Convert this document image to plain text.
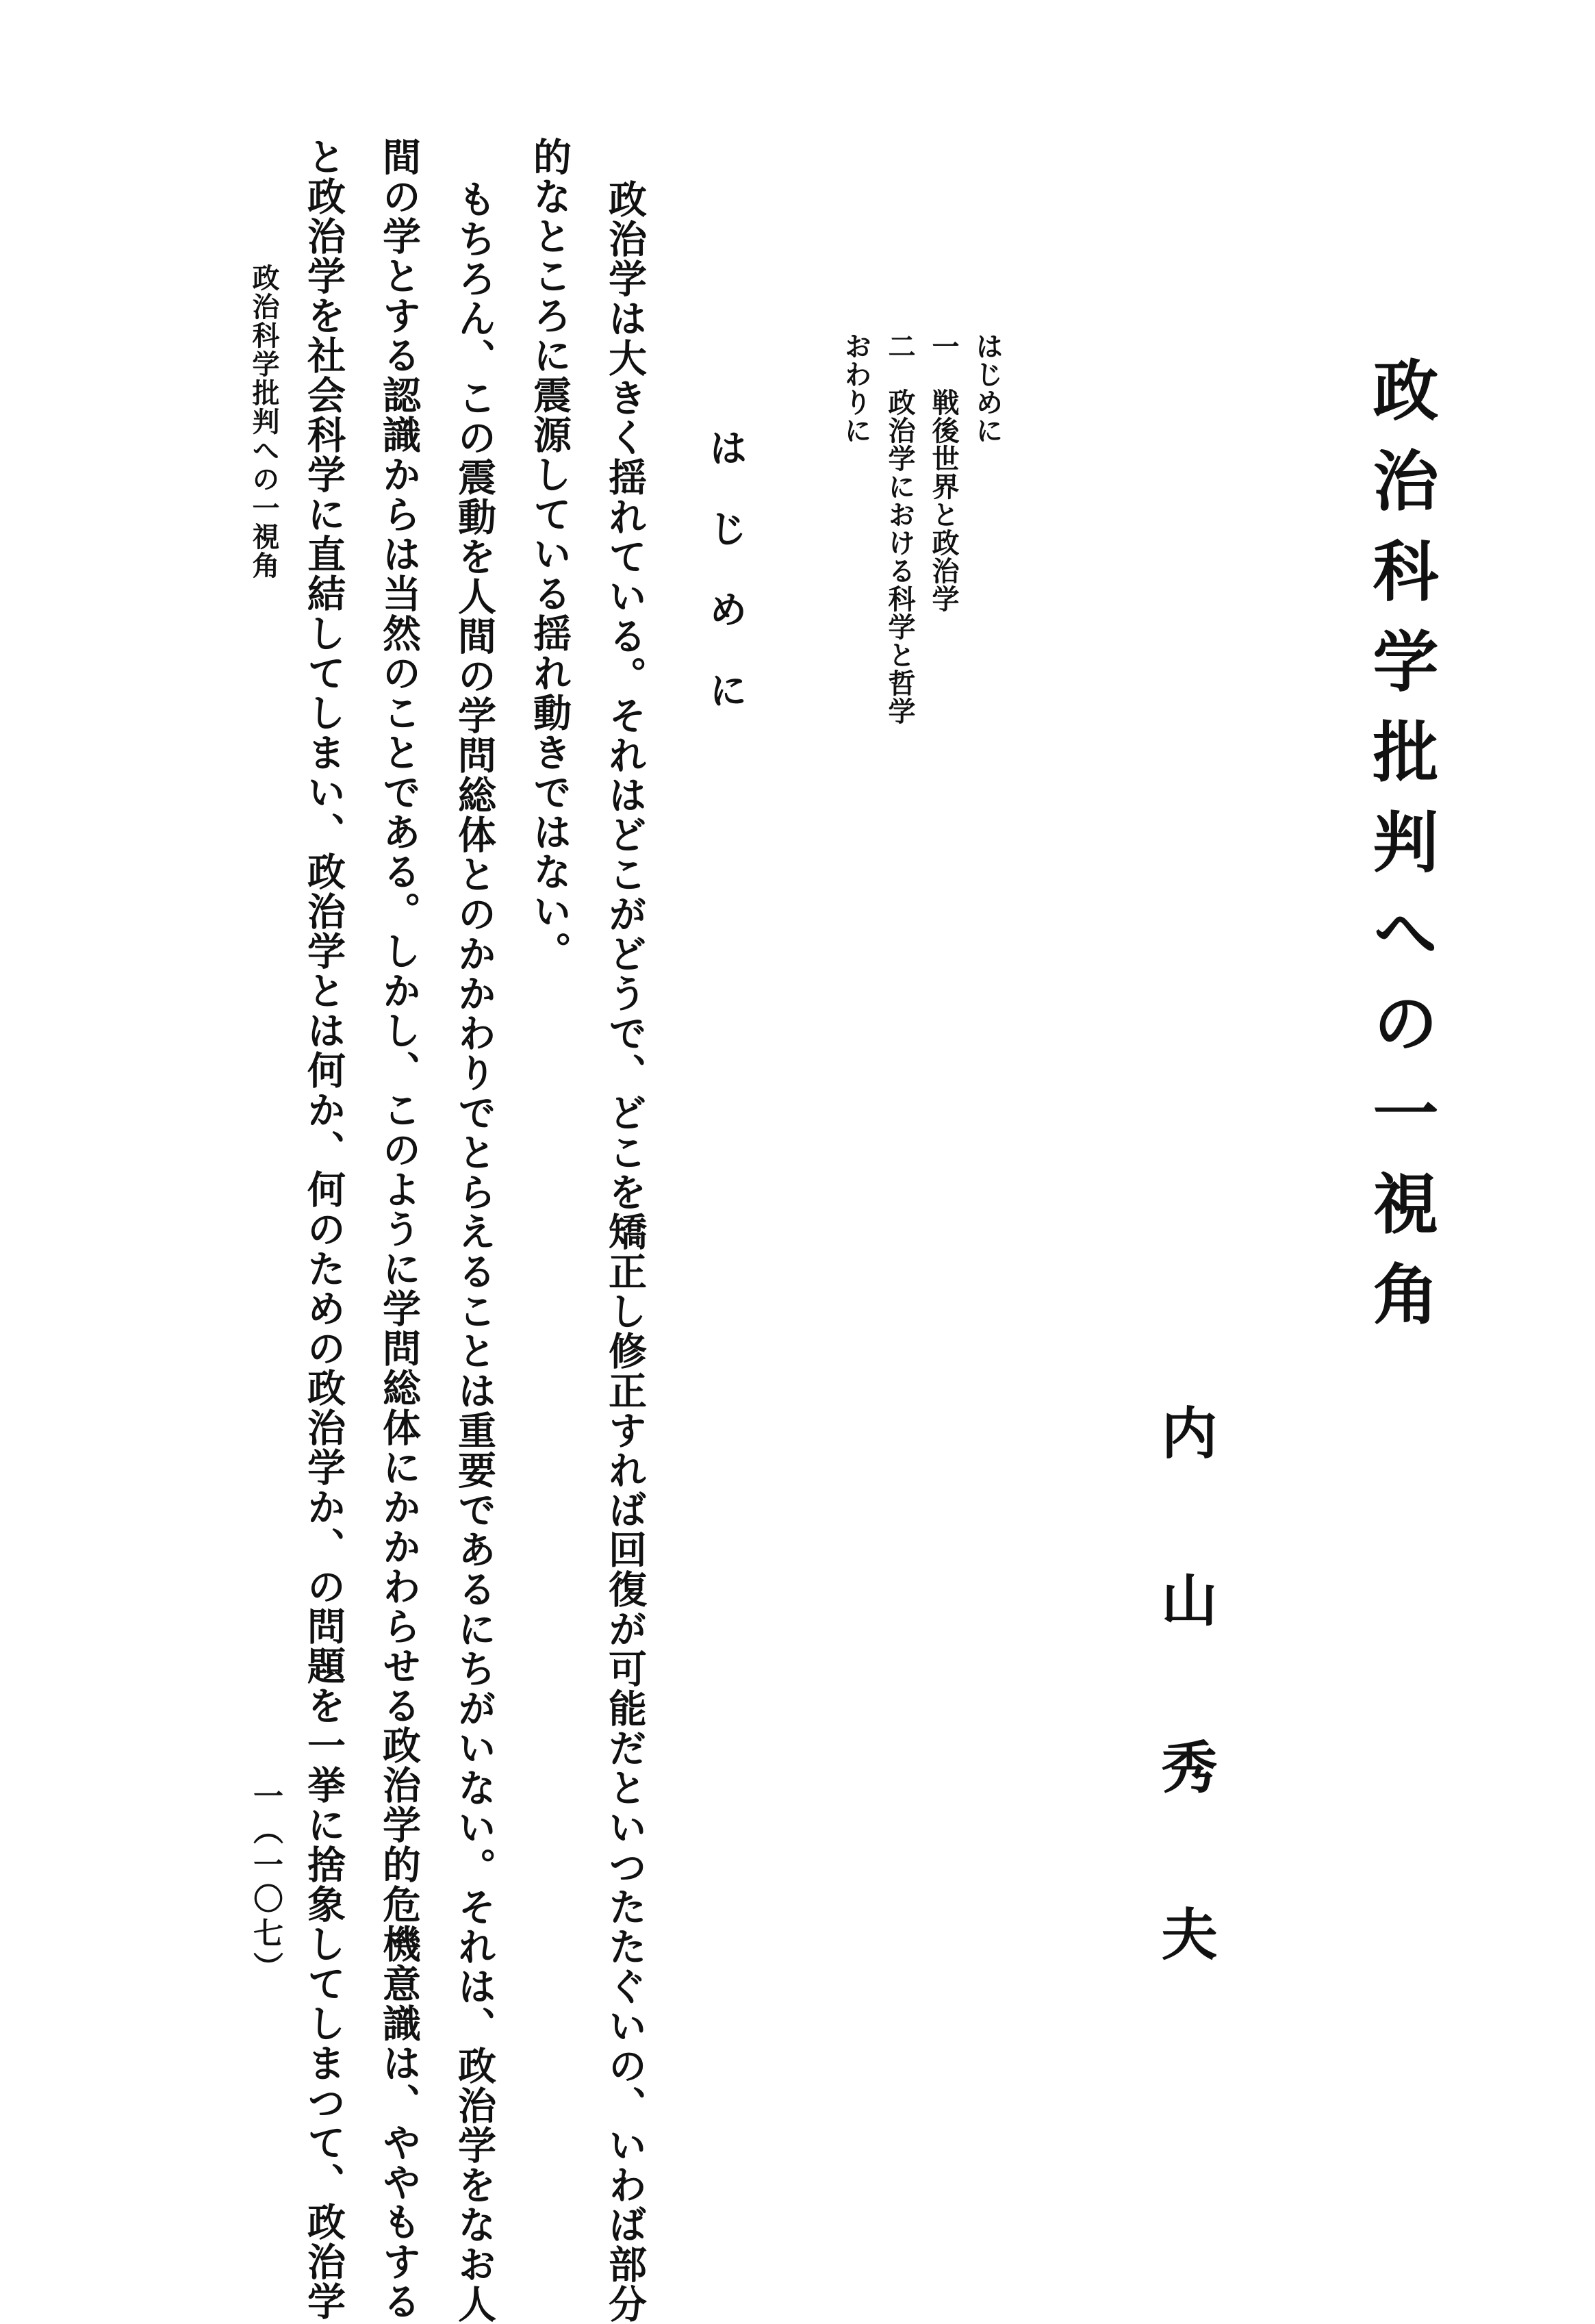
政治科学批判への一視角
内山秀夫
はじめに
一　戦後世界と政治学
二　政治学における科学と哲学
おわりに
はじめに
政治学は大きく揺れている。それはどこがどうで、どこを矯正し修正すれば回復が可能だといつたたぐいの、いわば部分
的なところに震源している揺れ動きではない。
もちろん、この震動を人間の学問総体とのかかわりでとらえることは重要であるにちがいない。それは、政治学をなお人
間の学とする認識からは当然のことである。しかし、このように学問総体にかかわらせる政治学的危機意識は、ややもする
と政治学を社会科学に直結してしまい、政治学とは何か、何のための政治学か、の問題を一挙に捨象してしまつて、政治学
政治科学批判への一視角
一（一〇七）
